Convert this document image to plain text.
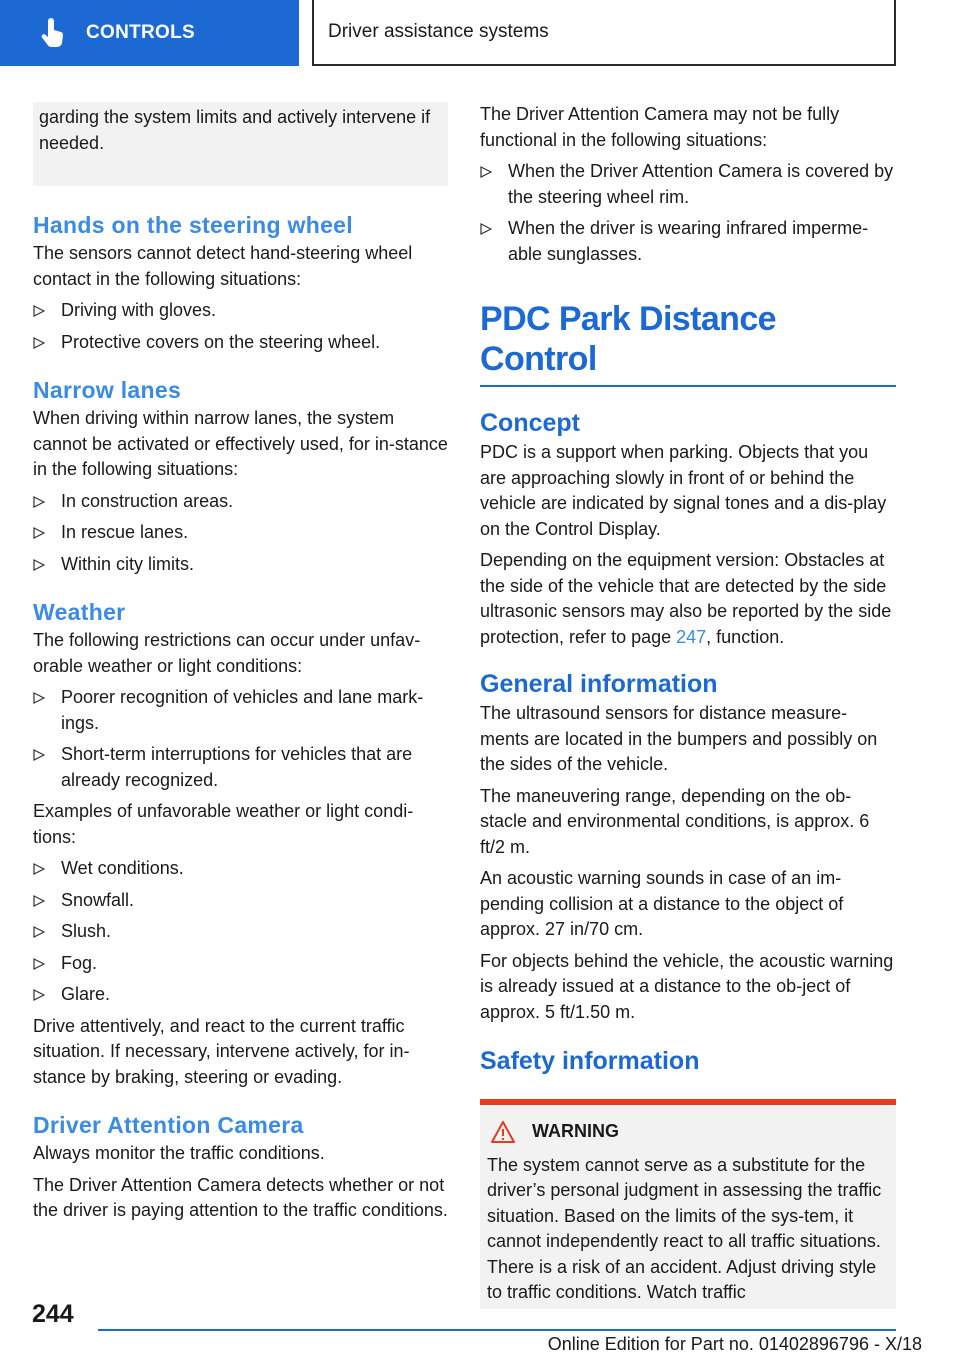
CONTROLS	Driver assistance systems

garding the system limits and actively intervene if needed.

Hands on the steering wheel

The sensors cannot detect hand-steering wheel contact in the following situations:

Driving with gloves.
Protective covers on the steering wheel.
Narrow lanes

When driving within narrow lanes, the system cannot be activated or effectively used, for in‐stance in the following situations:

In construction areas.
In rescue lanes.
Within city limits.
Weather

The following restrictions can occur under unfav‐orable weather or light conditions:

Poorer recognition of vehicles and lane mark‐ings.
Short-term interruptions for vehicles that are already recognized.

Examples of unfavorable weather or light condi‐tions:

Wet conditions.
Snowfall.
Slush.
Fog.
Glare.

Drive attentively, and react to the current traffic situation. If necessary, intervene actively, for in‐stance by braking, steering or evading.

Driver Attention Camera

Always monitor the traffic conditions.

The Driver Attention Camera detects whether or not the driver is paying attention to the traffic conditions.

The Driver Attention Camera may not be fully functional in the following situations:

When the Driver Attention Camera is covered by the steering wheel rim.
When the driver is wearing infrared imperme‐able sunglasses.
PDC Park Distance Control
Concept

PDC is a support when parking. Objects that you are approaching slowly in front of or behind the vehicle are indicated by signal tones and a dis‐play on the Control Display.

Depending on the equipment version: Obstacles at the side of the vehicle that are detected by the side ultrasonic sensors may also be reported by the side protection, refer to page 247, function.

General information

The ultrasound sensors for distance measure‐ments are located in the bumpers and possibly on the sides of the vehicle.

The maneuvering range, depending on the ob‐stacle and environmental conditions, is approx. 6 ft/2 m.

An acoustic warning sounds in case of an im‐pending collision at a distance to the object of approx. 27 in/70 cm.

For objects behind the vehicle, the acoustic warning is already issued at a distance to the ob‐ject of approx. 5 ft/1.50 m.

Safety information
WARNING

The system cannot serve as a substitute for the driver’s personal judgment in assessing the traffic situation. Based on the limits of the sys‐tem, it cannot independently react to all traffic situations. There is a risk of an accident. Adjust driving style to traffic conditions. Watch traffic

244
Online Edition for Part no. 01402896796 - X/18
